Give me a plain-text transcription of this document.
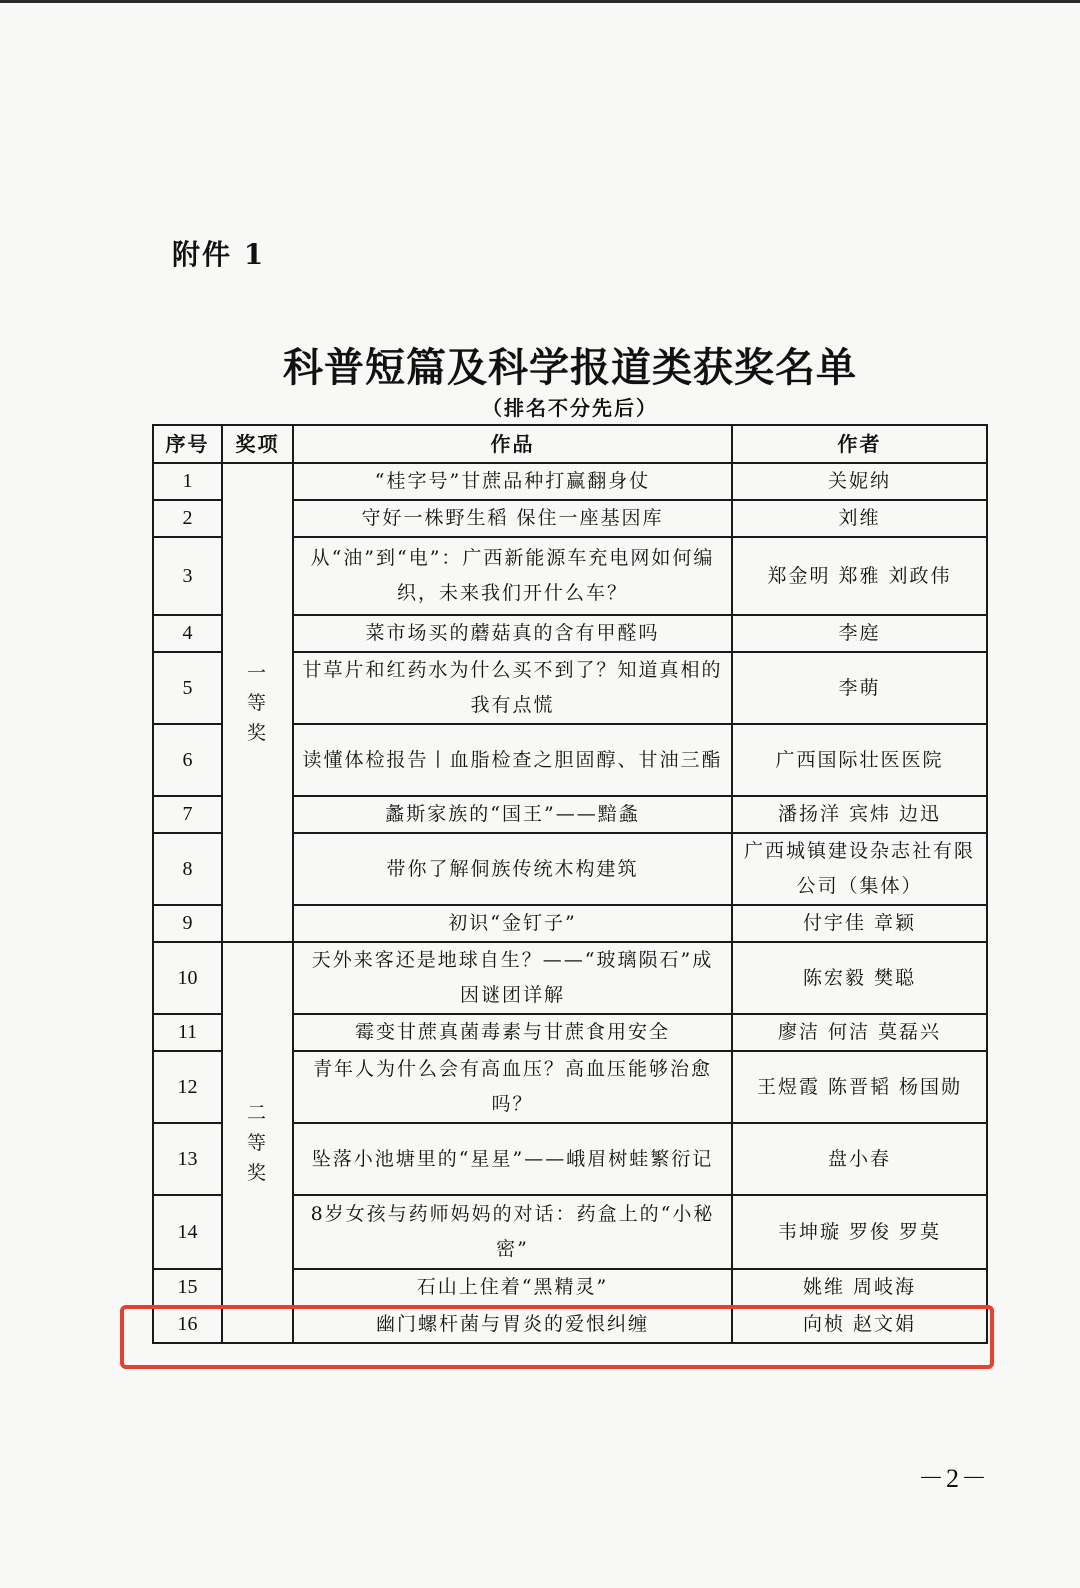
附件 1
科普短篇及科学报道类获奖名单
（排名不分先后）
序号	奖项	作品	作者
1	一等奖	“桂字号”甘蔗品种打赢翻身仗	关妮纳
2		守好一株野生稻 保住一座基因库	刘维
3		从“油”到“电”：广西新能源车充电网如何编织，未来我们开什么车？	郑金明 郑雅 刘政伟
4		菜市场买的蘑菇真的含有甲醛吗	李庭
5		甘草片和红药水为什么买不到了？知道真相的我有点慌	李萌
6		读懂体检报告丨血脂检查之胆固醇、甘油三酯	广西国际壮医医院
7		蠡斯家族的“国王”——黯螽	潘扬洋 宾炜 边迅
8		带你了解侗族传统木构建筑	广西城镇建设杂志社有限公司（集体）
9		初识“金钉子”	付宇佳 章颖
10	二等奖	天外来客还是地球自生？——“玻璃陨石”成因谜团详解	陈宏毅 樊聪
11		霉变甘蔗真菌毒素与甘蔗食用安全	廖洁 何洁 莫磊兴
12		青年人为什么会有高血压？高血压能够治愈吗？	王煜霞 陈晋韬 杨国勋
13		坠落小池塘里的“星星”——峨眉树蛙繁衍记	盘小春
14		8岁女孩与药师妈妈的对话：药盒上的“小秘密”	韦坤璇 罗俊 罗莫
15		石山上住着“黑精灵”	姚维 周岐海
16		幽门螺杆菌与胃炎的爱恨纠缠	向桢 赵文娟
－2－
